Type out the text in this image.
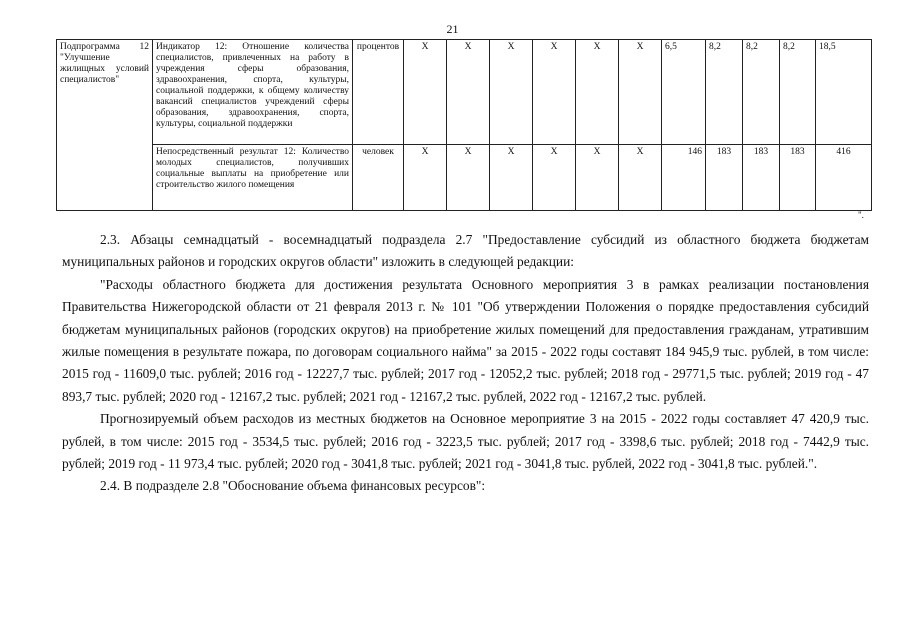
21
Подпрограмма 12 "Улучшение жилищных условий специалистов"	Индикатор 12: Отношение количества специалистов, привлеченных на работу в учреждения сферы образования, здравоохранения, спорта, культуры, социальной поддержки, к общему количеству вакансий специалистов учреждений сферы образования, здравоохранения, спорта, культуры, социальной поддержки	процентов	X	X	X	X	X	X	6,5	8,2	8,2	8,2	18,5
	Непосредственный результат 12: Количество молодых специалистов, получивших социальные выплаты на приобретение или строительство жилого помещения	человек	X	X	X	X	X	X	146	183	183	183	416
".

2.3. Абзацы семнадцатый - восемнадцатый подраздела 2.7 "Предоставление субсидий из областного бюджета бюджетам муниципальных районов и городских округов области" изложить в следующей редакции:

"Расходы областного бюджета для достижения результата Основного мероприятия 3 в рамках реализации постановления Правительства Нижегородской области от 21 февраля 2013 г. № 101 "Об утверждении Положения о порядке предоставления субсидий бюджетам муниципальных районов (городских округов) на приобретение жилых помещений для предоставления гражданам, утратившим жилые помещения в результате пожара, по договорам социального найма" за 2015 - 2022 годы составят 184 945,9 тыс. рублей, в том числе: 2015 год - 11609,0 тыс. рублей; 2016 год - 12227,7 тыс. рублей; 2017 год - 12052,2 тыс. рублей; 2018 год - 29771,5 тыс. рублей; 2019 год - 47 893,7 тыс. рублей; 2020 год - 12167,2 тыс. рублей; 2021 год - 12167,2 тыс. рублей, 2022 год - 12167,2 тыс. рублей.

Прогнозируемый объем расходов из местных бюджетов на Основное мероприятие 3 на 2015 - 2022 годы составляет 47 420,9 тыс. рублей, в том числе: 2015 год - 3534,5 тыс. рублей; 2016 год - 3223,5 тыс. рублей; 2017 год - 3398,6 тыс. рублей; 2018 год - 7442,9 тыс. рублей; 2019 год - 11 973,4 тыс. рублей; 2020 год - 3041,8 тыс. рублей; 2021 год - 3041,8 тыс. рублей, 2022 год - 3041,8 тыс. рублей.".

2.4. В подразделе 2.8 "Обоснование объема финансовых ресурсов":
